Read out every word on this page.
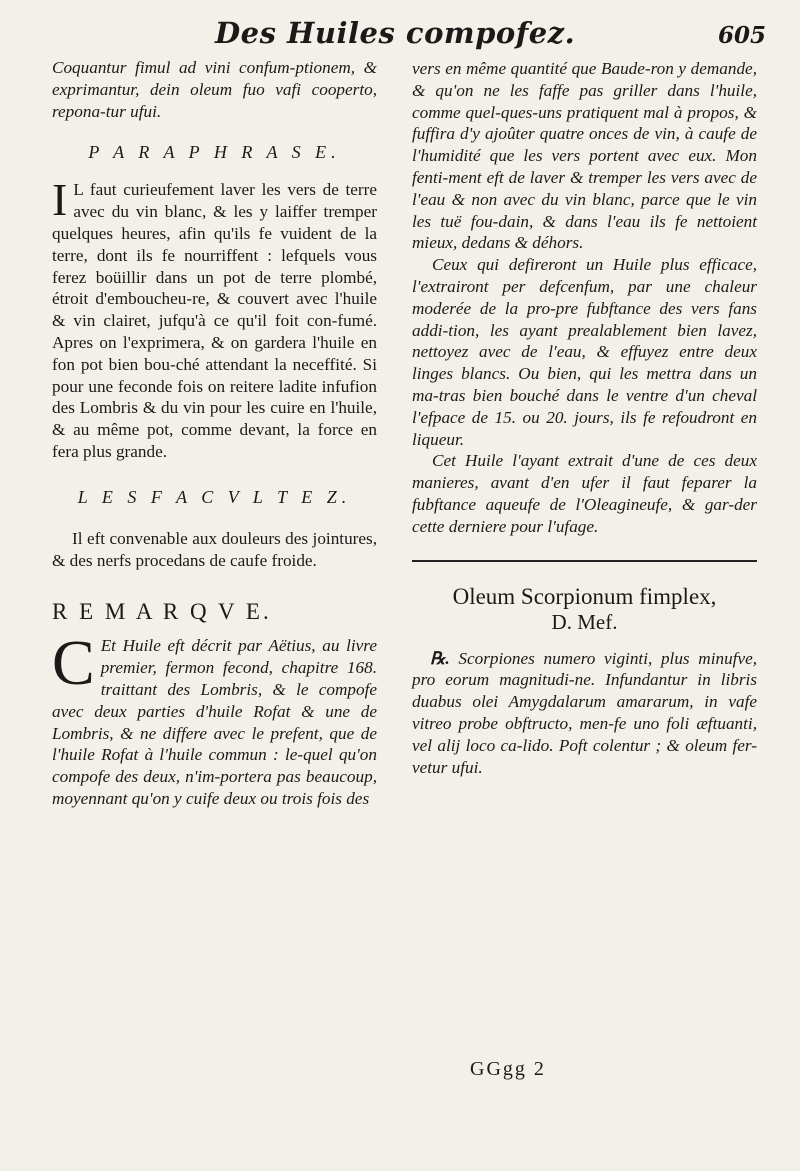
Des Huiles compofez.	605

Coquantur fimul ad vini confum-ptionem, & exprimantur, dein oleum fuo vafi cooperto, repona-tur ufui.

P A R A P H R A S E.

I L faut curieufement laver les vers de terre avec du vin blanc, & les y laiffer tremper quelques heures, afin qu'ils fe vuident de la terre, dont ils fe nourriffent : lefquels vous ferez boüillir dans un pot de terre plombé, étroit d'emboucheu-re, & couvert avec l'huile & vin clairet, jufqu'à ce qu'il foit con-fumé. Apres on l'exprimera, & on gardera l'huile en fon pot bien bou-ché attendant la neceffité. Si pour une feconde fois on reitere ladite infufion des Lombris & du vin pour les cuire en l'huile, & au même pot, comme devant, la force en fera plus grande.

L E S F A C V L T E Z.

Il eft convenable aux douleurs des jointures, & des nerfs procedans de caufe froide.

R E M A R Q V E.

C Et Huile eft décrit par Aëtius, au livre premier, fermon fecond, chapitre 168. traittant des Lombris, & le compofe avec deux parties d'huile Rofat & une de Lombris, & ne differe avec le prefent, que de l'huile Rofat à l'huile commun : le-quel qu'on compofe des deux, n'im-portera pas beaucoup, moyennant qu'on y cuife deux ou trois fois des

vers en même quantité que Baude-ron y demande, & qu'on ne les faffe pas griller dans l'huile, comme quel-ques-uns pratiquent mal à propos, & fuffira d'y ajoûter quatre onces de vin, à caufe de l'humidité que les vers portent avec eux. Mon fenti-ment eft de laver & tremper les vers avec de l'eau & non avec du vin blanc, parce que le vin les tuë fou-dain, & dans l'eau ils fe nettoient mieux, dedans & déhors.

Ceux qui defireront un Huile plus efficace, l'extrairont per defcenfum, par une chaleur moderée de la pro-pre fubftance des vers fans addi-tion, les ayant prealablement bien lavez, nettoyez avec de l'eau, & effuyez entre deux linges blancs. Ou bien, qui les mettra dans un ma-tras bien bouché dans le ventre d'un cheval l'efpace de 15. ou 20. jours, ils fe refoudront en liqueur.

Cet Huile l'ayant extrait d'une de ces deux manieres, avant d'en ufer il faut feparer la fubftance aqueufe de l'Oleagineufe, & gar-der cette derniere pour l'ufage.

Oleum Scorpionum fimplex,

D. Mef.

℞. Scorpiones numero viginti, plus minufve, pro eorum magnitudi-ne. Infundantur in libris duabus olei Amygdalarum amararum, in vafe vitreo probe obftructo, men-fe uno foli æftuanti, vel alij loco ca-lido. Poft colentur ; & oleum fer-vetur ufui.

GGgg 2
